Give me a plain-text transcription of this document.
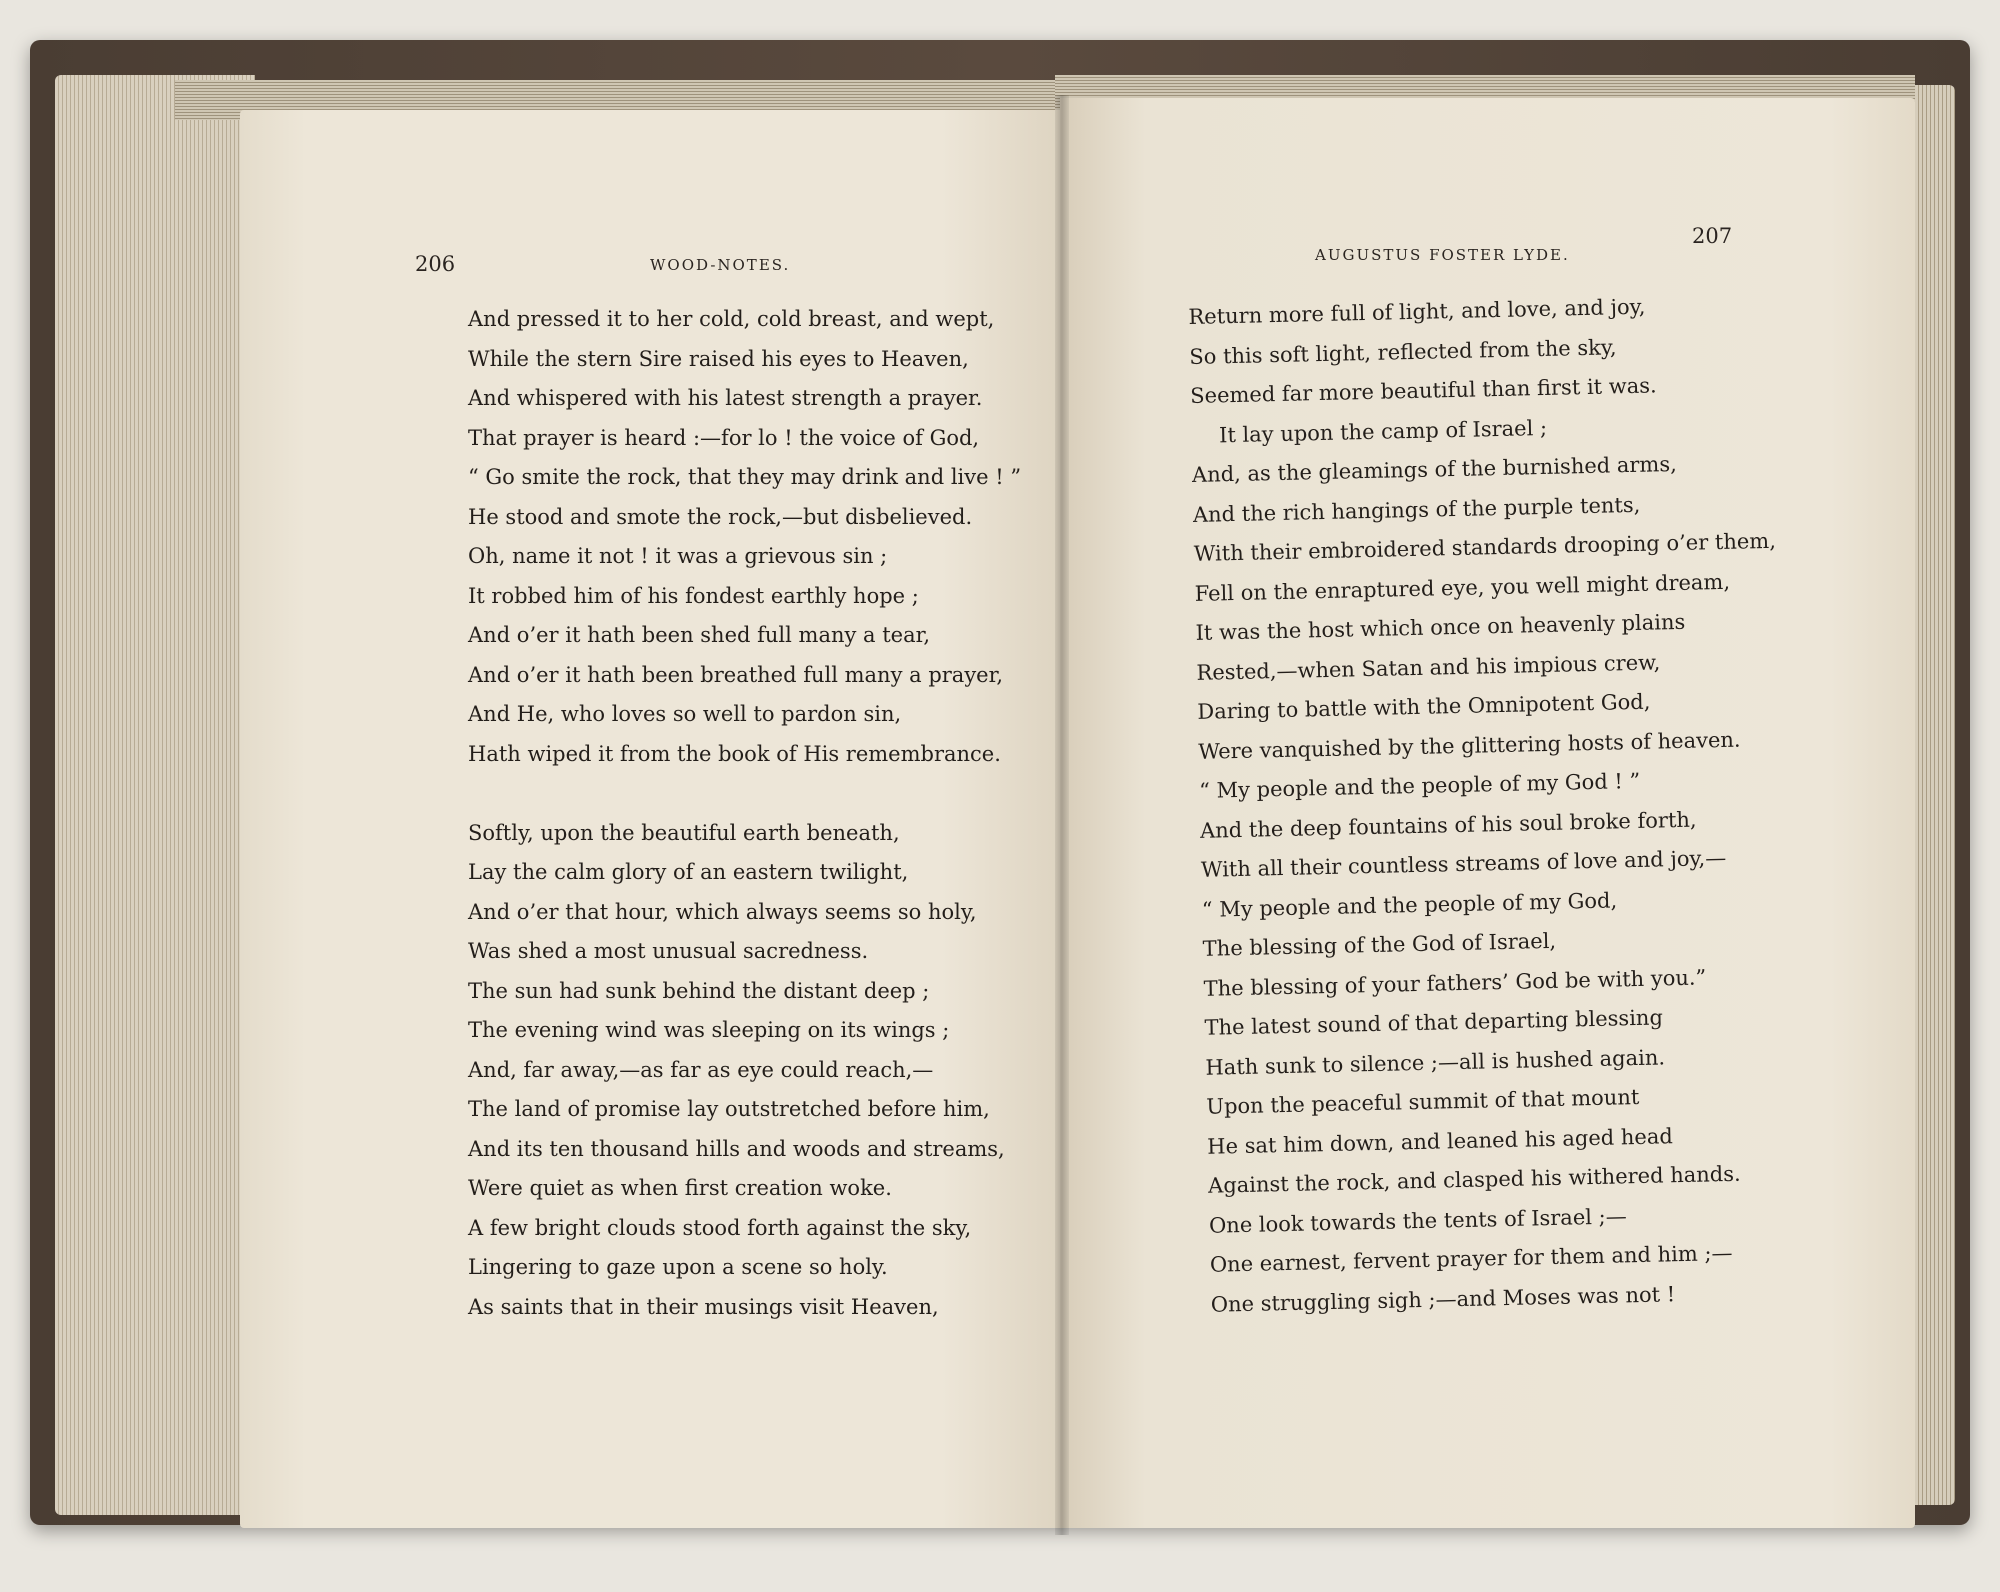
206	WOOD-NOTES.
And pressed it to her cold, cold breast, and wept,
While the stern Sire raised his eyes to Heaven,
And whispered with his latest strength a prayer.
That prayer is heard :—for lo ! the voice of God,
“ Go smite the rock, that they may drink and live ! ”
He stood and smote the rock,—but disbelieved.
Oh, name it not ! it was a grievous sin ;
It robbed him of his fondest earthly hope ;
And o’er it hath been shed full many a tear,
And o’er it hath been breathed full many a prayer,
And He, who loves so well to pardon sin,
Hath wiped it from the book of His remembrance.
Softly, upon the beautiful earth beneath,
Lay the calm glory of an eastern twilight,
And o’er that hour, which always seems so holy,
Was shed a most unusual sacredness.
The sun had sunk behind the distant deep ;
The evening wind was sleeping on its wings ;
And, far away,—as far as eye could reach,—
The land of promise lay outstretched before him,
And its ten thousand hills and woods and streams,
Were quiet as when first creation woke.
A few bright clouds stood forth against the sky,
Lingering to gaze upon a scene so holy.
As saints that in their musings visit Heaven,
AUGUSTUS FOSTER LYDE.
207
Return more full of light, and love, and joy,
So this soft light, reflected from the sky,
Seemed far more beautiful than first it was.
It lay upon the camp of Israel ;
And, as the gleamings of the burnished arms,
And the rich hangings of the purple tents,
With their embroidered standards drooping o’er them,
Fell on the enraptured eye, you well might dream,
It was the host which once on heavenly plains
Rested,—when Satan and his impious crew,
Daring to battle with the Omnipotent God,
Were vanquished by the glittering hosts of heaven.
“ My people and the people of my God ! ”
And the deep fountains of his soul broke forth,
With all their countless streams of love and joy,—
“ My people and the people of my God,
The blessing of the God of Israel,
The blessing of your fathers’ God be with you.”
The latest sound of that departing blessing
Hath sunk to silence ;—all is hushed again.
Upon the peaceful summit of that mount
He sat him down, and leaned his aged head
Against the rock, and clasped his withered hands.
One look towards the tents of Israel ;—
One earnest, fervent prayer for them and him ;—
One struggling sigh ;—and Moses was not !
